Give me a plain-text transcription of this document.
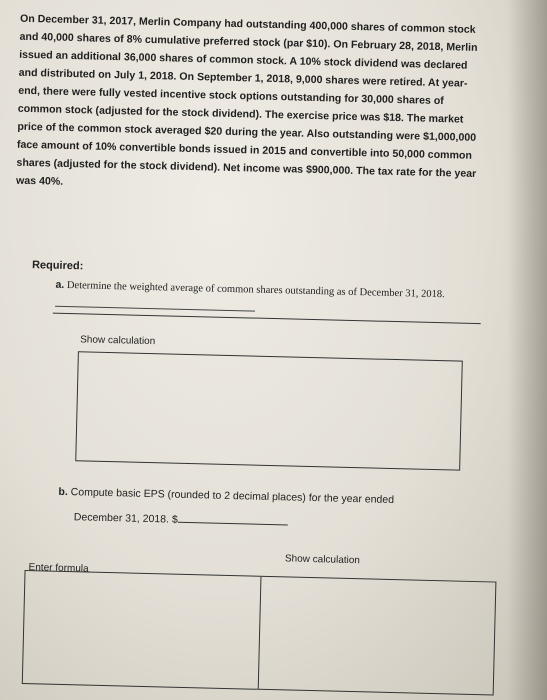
On December 31, 2017, Merlin Company had outstanding 400,000 shares of common stock and 40,000 shares of 8% cumulative preferred stock (par $10). On February 28, 2018, Merlin issued an additional 36,000 shares of common stock. A 10% stock dividend was declared and distributed on July 1, 2018. On September 1, 2018, 9,000 shares were retired. At year-end, there were fully vested incentive stock options outstanding for 30,000 shares of common stock (adjusted for the stock dividend). The exercise price was $18. The market price of the common stock averaged $20 during the year. Also outstanding were $1,000,000 face amount of 10% convertible bonds issued in 2015 and convertible into 50,000 common shares (adjusted for the stock dividend). Net income was $900,000. The tax rate for the year was 40%.

Required:

a. Determine the weighted average of common shares outstanding as of December 31, 2018.
Show calculation
b. Compute basic EPS (rounded to 2 decimal places) for the year ended
December 31, 2018. $
Show calculation
Enter formula
